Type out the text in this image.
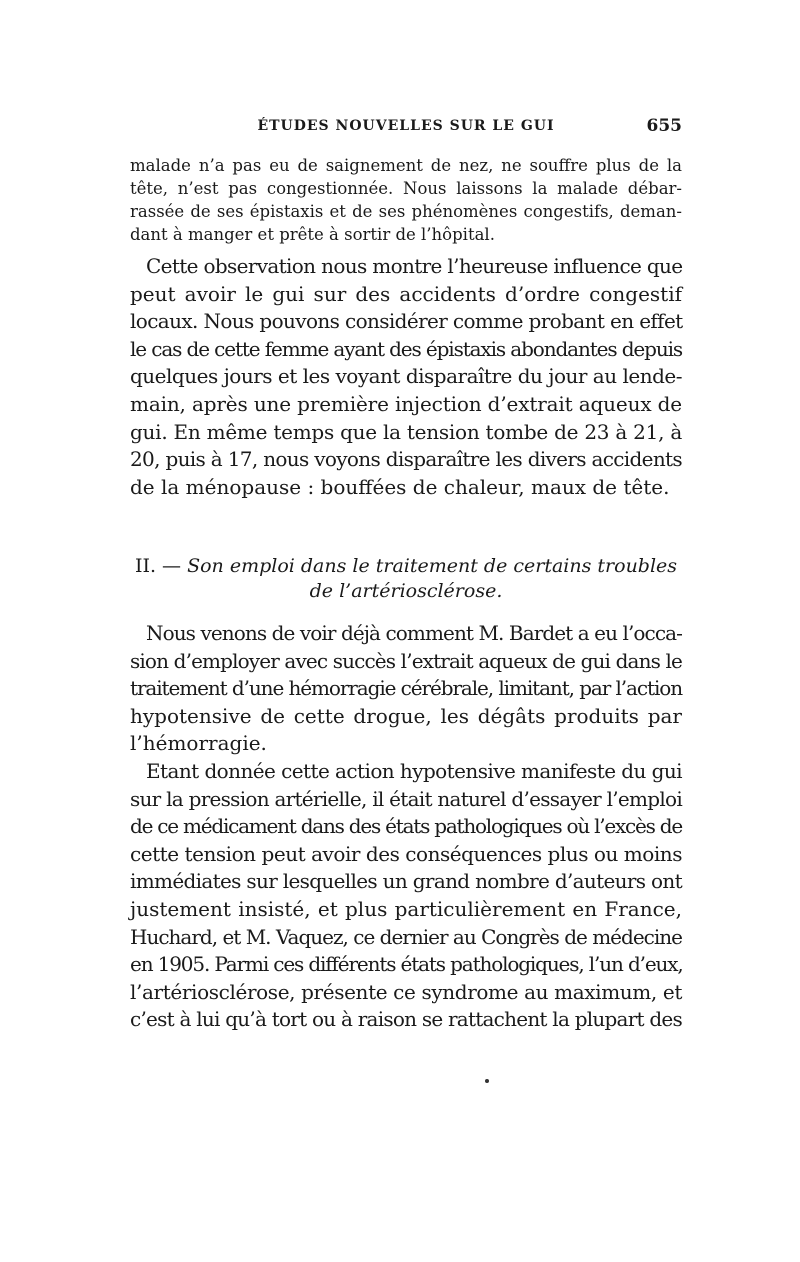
ÉTUDES NOUVELLES SUR LE GUI	655
malade n’a pas eu de saignement de nez, ne souffre plus de la
tête, n’est pas congestionnée. Nous laissons la malade débar-
rassée de ses épistaxis et de ses phénomènes congestifs, deman-
dant à manger et prête à sortir de l’hôpital.
Cette observation nous montre l’heureuse influence que
peut avoir le gui sur des accidents d’ordre congestif
locaux. Nous pouvons considérer comme probant en effet
le cas de cette femme ayant des épistaxis abondantes depuis
quelques jours et les voyant disparaître du jour au lende-
main, après une première injection d’extrait aqueux de
gui. En même temps que la tension tombe de 23 à 21, à
20, puis à 17, nous voyons disparaître les divers accidents
de la ménopause : bouffées de chaleur, maux de tête.
II. — Son emploi dans le traitement de certains troubles
de l’artériosclérose.
Nous venons de voir déjà comment M. Bardet a eu l’occa-
sion d’employer avec succès l’extrait aqueux de gui dans le
traitement d’une hémorragie cérébrale, limitant, par l’action
hypotensive de cette drogue, les dégâts produits par
l’hémorragie.
Etant donnée cette action hypotensive manifeste du gui
sur la pression artérielle, il était naturel d’essayer l’emploi
de ce médicament dans des états pathologiques où l’excès de
cette tension peut avoir des conséquences plus ou moins
immédiates sur lesquelles un grand nombre d’auteurs ont
justement insisté, et plus particulièrement en France,
Huchard, et M. Vaquez, ce dernier au Congrès de médecine
en 1905. Parmi ces différents états pathologiques, l’un d’eux,
l’artériosclérose, présente ce syndrome au maximum, et
c’est à lui qu’à tort ou à raison se rattachent la plupart des
